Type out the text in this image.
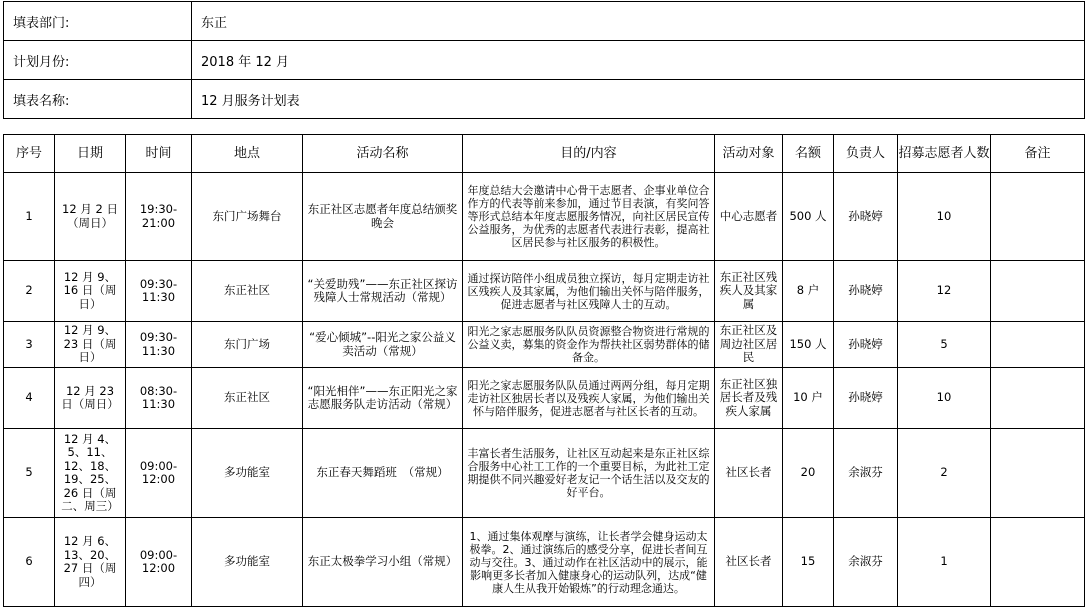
填表部门:	东正
计划月份:	2018 年 12 月
填表名称:	12 月服务计划表
序号	日期	时间	地点	活动名称	目的/内容	活动对象	名额	负责人	招募志愿者人数	备注
1	12 月 2 日（周日）	19:30-21:00	东门广场舞台	东正社区志愿者年度总结颁奖晚会	年度总结大会邀请中心骨干志愿者、企事业单位合作方的代表等前来参加，通过节目表演，有奖问答等形式总结本年度志愿服务情况，向社区居民宣传公益服务，为优秀的志愿者代表进行表彰，提高社区居民参与社区服务的积极性。	中心志愿者	500 人	孙晓婷	10	
2	12 月 9、16 日（周日）	09:30-11:30	东正社区	“关爱助残”——东正社区探访残障人士常规活动（常规）	通过探访陪伴小组成员独立探访，每月定期走访社区残疾人及其家属，为他们输出关怀与陪伴服务，促进志愿者与社区残障人士的互动。	东正社区残疾人及其家属	8 户	孙晓婷	12	
3	12 月 9、23 日（周日）	09:30-11:30	东门广场	“爱心倾城”--阳光之家公益义卖活动（常规）	阳光之家志愿服务队队员资源整合物资进行常规的公益义卖，募集的资金作为帮扶社区弱势群体的储备金。	东正社区及周边社区居民	150 人	孙晓婷	5	
4	12 月 23 日（周日）	08:30-11:30	东正社区	“阳光相伴”——东正阳光之家志愿服务队走访活动（常规）	阳光之家志愿服务队队员通过两两分组，每月定期走访社区独居长者以及残疾人家属，为他们输出关怀与陪伴服务，促进志愿者与社区长者的互动。	东正社区独居长者及残疾人家属	10 户	孙晓婷	10	
5	12 月 4、5、11、12、18、19、25、26 日（周二、周三）	09:00-12:00	多功能室	东正春天舞蹈班　（常规）	丰富长者生活服务，让社区互动起来是东正社区综合服务中心社工工作的一个重要目标，为此社工定期提供不同兴趣爱好老友记一个话生活以及交友的好平台。	社区长者	20	余淑芬	2	
6	12 月 6、13、20、27 日（周四）	09:00-12:00	多功能室	东正太极拳学习小组（常规）	1、通过集体观摩与演练，让长者学会健身运动太极拳。2、通过演练后的感受分享，促进长者间互动与交往。3、通过动作在社区活动中的展示，能影响更多长者加入健康身心的运动队列，达成“健康人生从我开始锻炼”的行动理念通达。	社区长者	15	余淑芬	1	
